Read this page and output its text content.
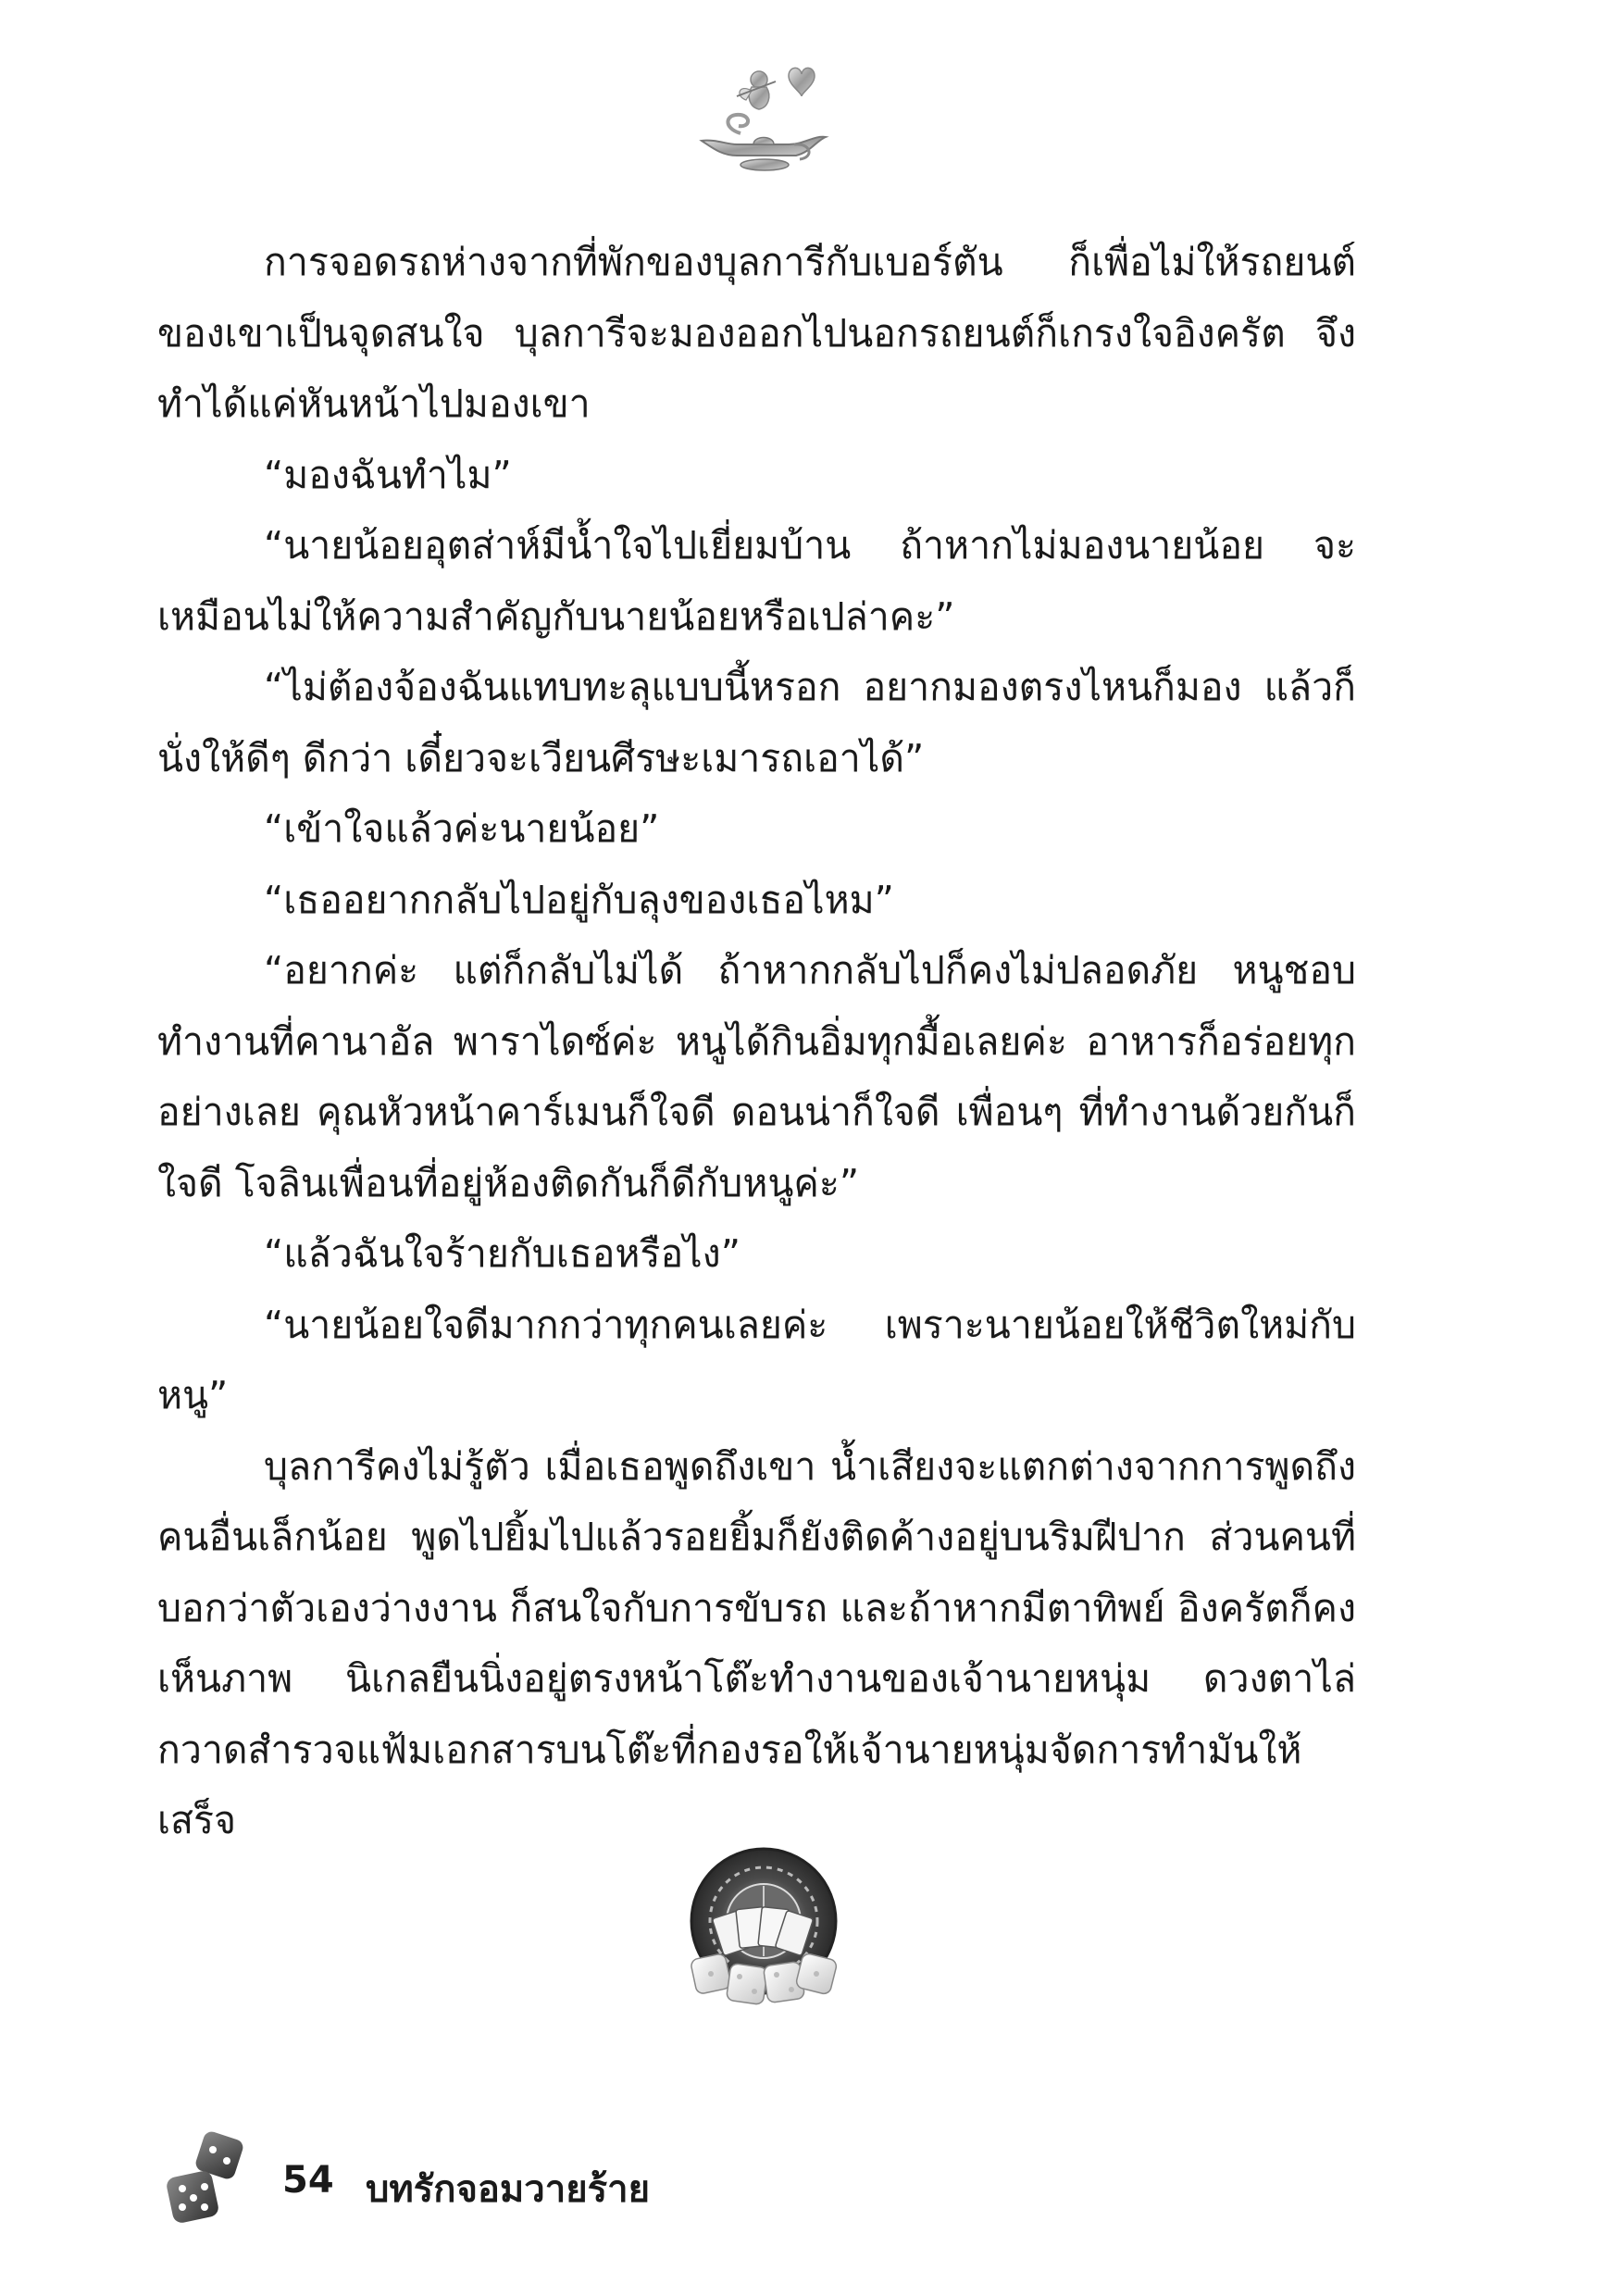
การจอดรถห่างจากที่พักของบุลการีกับเบอร์ตัน ก็เพื่อไม่ให้รถยนต์ของเขาเป็นจุดสนใจ บุลการีจะมองออกไปนอกรถยนต์ก็เกรงใจอิงครัต จึงทำได้แค่หันหน้าไปมองเขา

“มองฉันทำไม”

“นายน้อยอุตส่าห์มีน้ำใจไปเยี่ยมบ้าน ถ้าหากไม่มองนายน้อย จะเหมือนไม่ให้ความสำคัญกับนายน้อยหรือเปล่าคะ”

“ไม่ต้องจ้องฉันแทบทะลุแบบนี้หรอก อยากมองตรงไหนก็มอง แล้วก็นั่งให้ดีๆ ดีกว่า เดี๋ยวจะเวียนศีรษะเมารถเอาได้”

“เข้าใจแล้วค่ะนายน้อย”

“เธออยากกลับไปอยู่กับลุงของเธอไหม”

“อยากค่ะ แต่ก็กลับไม่ได้ ถ้าหากกลับไปก็คงไม่ปลอดภัย หนูชอบทำงานที่คานาอัล พาราไดซ์ค่ะ หนูได้กินอิ่มทุกมื้อเลยค่ะ อาหารก็อร่อยทุกอย่างเลย คุณหัวหน้าคาร์เมนก็ใจดี ดอนน่าก็ใจดี เพื่อนๆ ที่ทำงานด้วยกันก็ใจดี โจลินเพื่อนที่อยู่ห้องติดกันก็ดีกับหนูค่ะ”

“แล้วฉันใจร้ายกับเธอหรือไง”

“นายน้อยใจดีมากกว่าทุกคนเลยค่ะ เพราะนายน้อยให้ชีวิตใหม่กับหนู”

บุลการีคงไม่รู้ตัว เมื่อเธอพูดถึงเขา น้ำเสียงจะแตกต่างจากการพูดถึงคนอื่นเล็กน้อย พูดไปยิ้มไปแล้วรอยยิ้มก็ยังติดค้างอยู่บนริมฝีปาก ส่วนคนที่บอกว่าตัวเองว่างงาน ก็สนใจกับการขับรถ และถ้าหากมีตาทิพย์ อิงครัตก็คงเห็นภาพ นิเกลยืนนิ่งอยู่ตรงหน้าโต๊ะทำงานของเจ้านายหนุ่ม ดวงตาไล่กวาดสำรวจแฟ้มเอกสารบนโต๊ะที่กองรอให้เจ้านายหนุ่มจัดการทำมันให้เสร็จ

54 บทรักจอมวายร้าย
